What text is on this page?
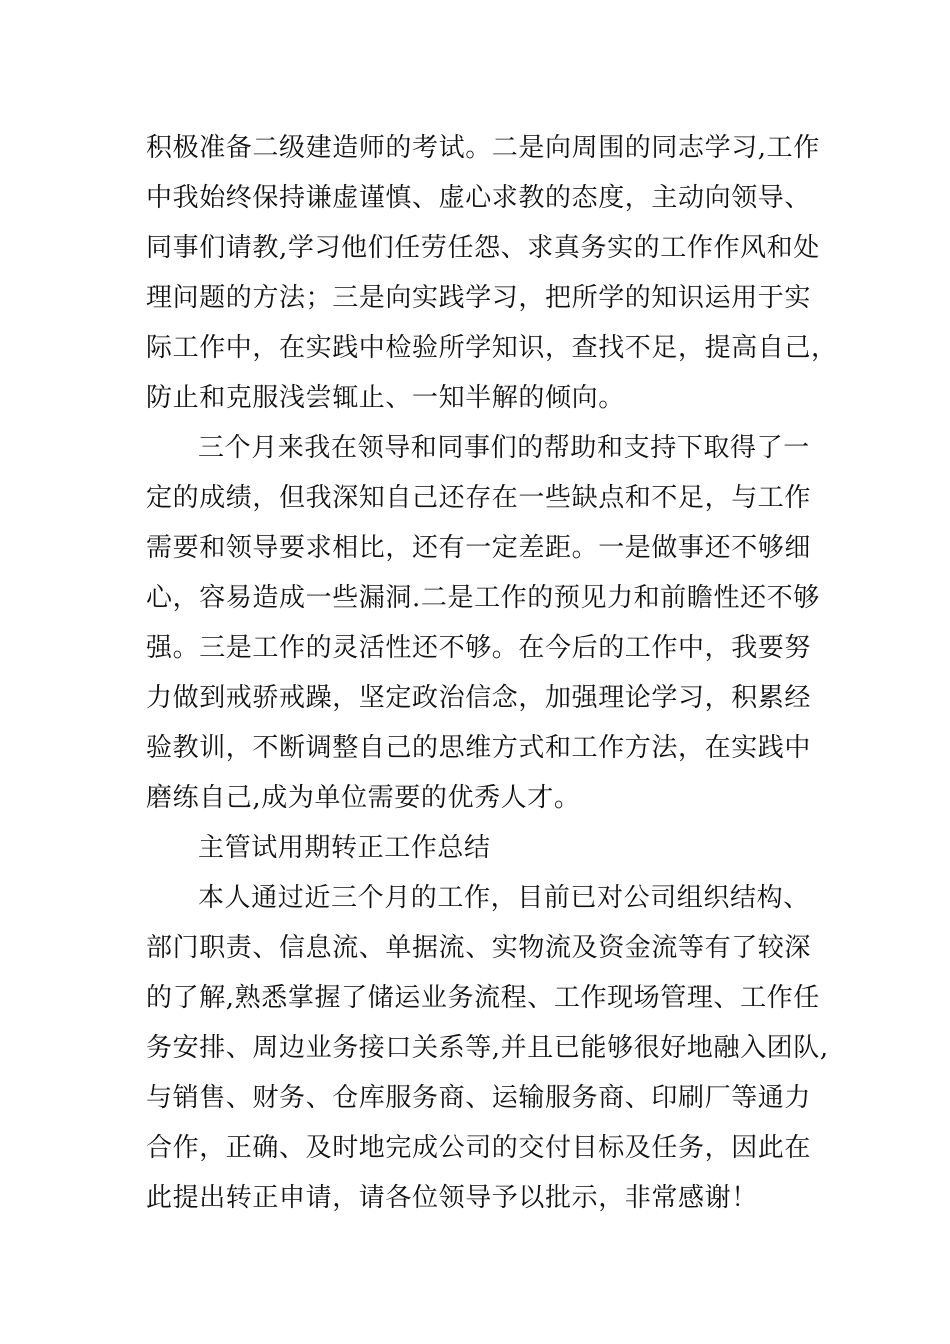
积极准备二级建造师的考试。二是向周围的同志学习,工作
中我始终保持谦虚谨慎、虚心求教的态度，主动向领导、
同事们请教,学习他们任劳任怨、求真务实的工作作风和处
理问题的方法；三是向实践学习，把所学的知识运用于实
际工作中，在实践中检验所学知识，查找不足，提高自己，
防止和克服浅尝辄止、一知半解的倾向。
三个月来我在领导和同事们的帮助和支持下取得了一
定的成绩，但我深知自己还存在一些缺点和不足，与工作
需要和领导要求相比，还有一定差距。一是做事还不够细
心，容易造成一些漏洞.二是工作的预见力和前瞻性还不够
强。三是工作的灵活性还不够。在今后的工作中，我要努
力做到戒骄戒躁，坚定政治信念，加强理论学习，积累经
验教训，不断调整自己的思维方式和工作方法，在实践中
磨练自己,成为单位需要的优秀人才。
主管试用期转正工作总结
本人通过近三个月的工作，目前已对公司组织结构、
部门职责、信息流、单据流、实物流及资金流等有了较深
的了解,熟悉掌握了储运业务流程、工作现场管理、工作任
务安排、周边业务接口关系等,并且已能够很好地融入团队,
与销售、财务、仓库服务商、运输服务商、印刷厂等通力
合作，正确、及时地完成公司的交付目标及任务，因此在
此提出转正申请，请各位领导予以批示，非常感谢！
